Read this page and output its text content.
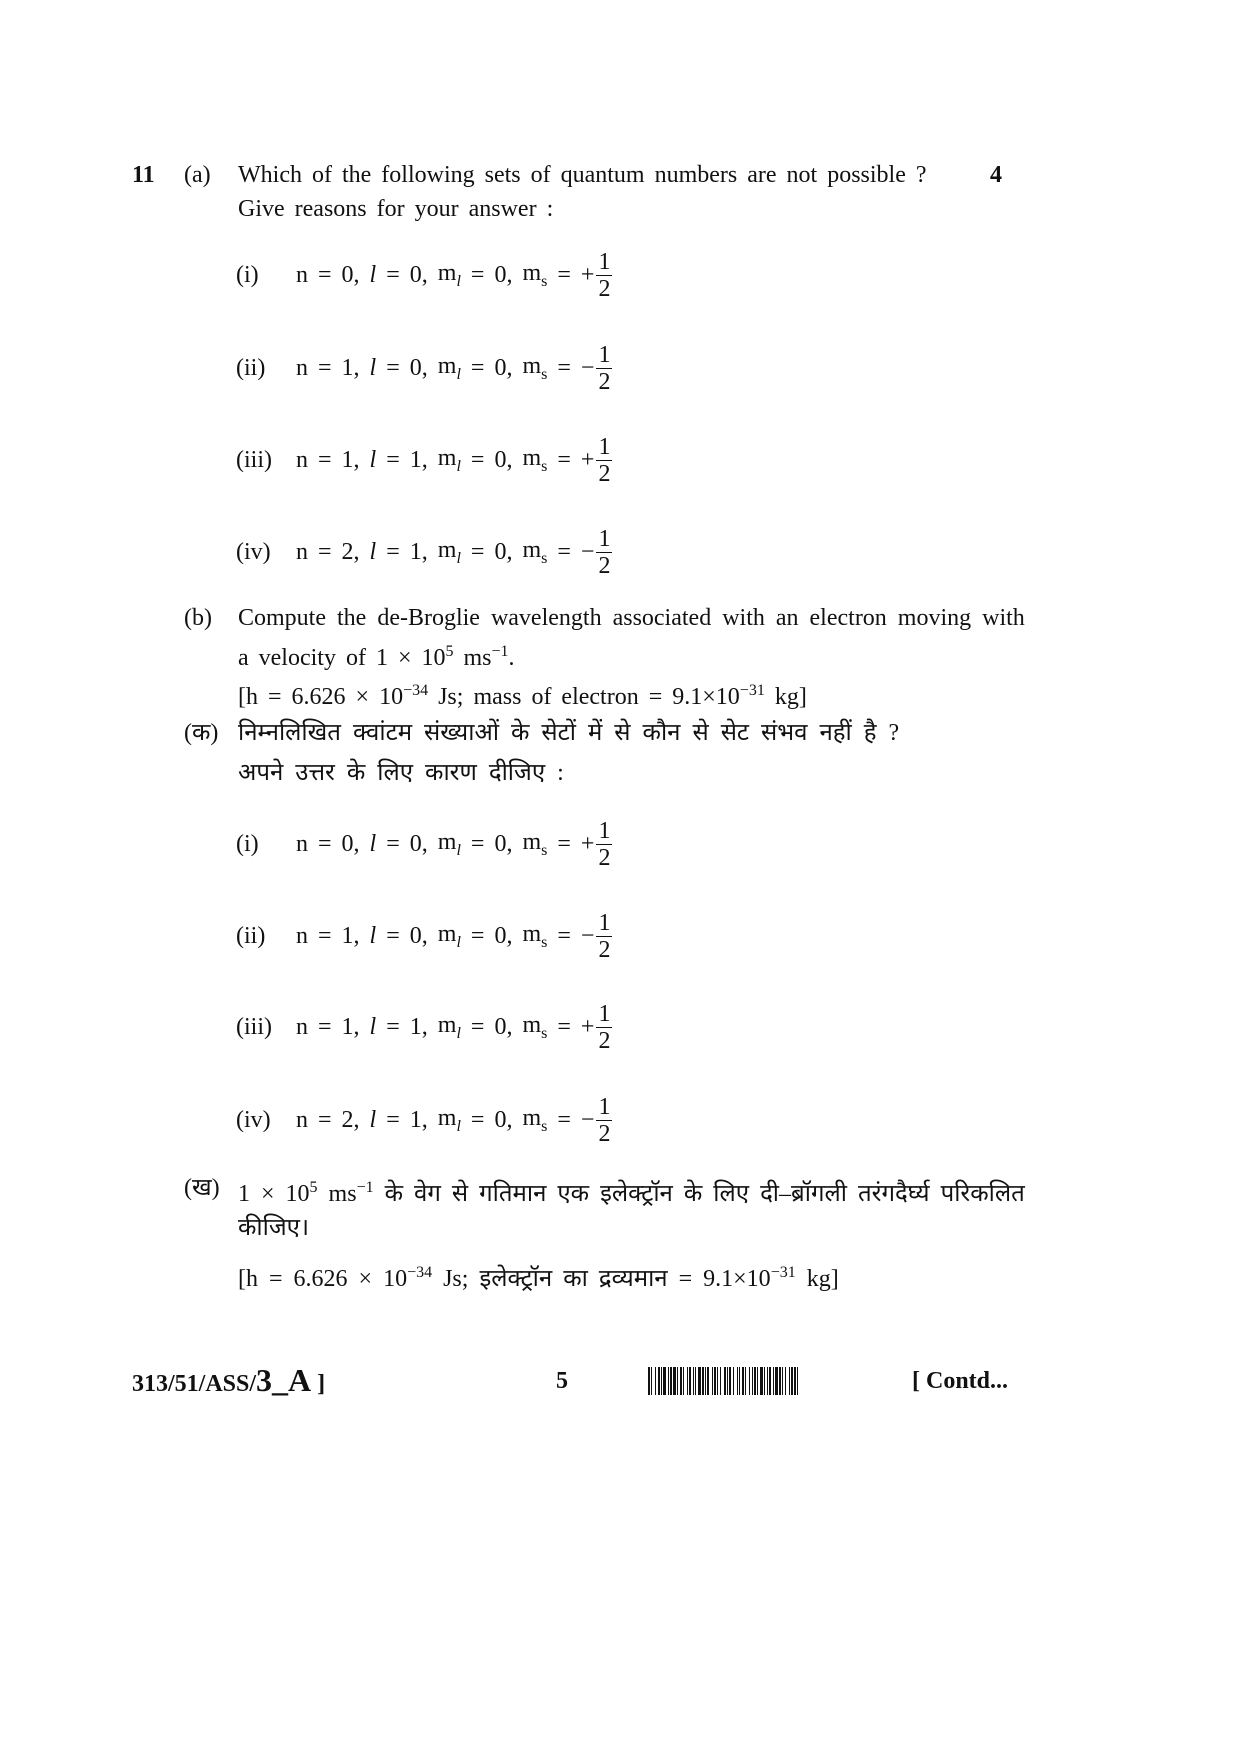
11	4
(a) Which of the following sets of quantum numbers are not possible ?
Give reasons for your answer :
(i)	n = 0 , l = 0 , $m_l = 0$ , $m_s$ = + $\frac{1}{2}$
(ii)	n = 1 , l = 0 , $m_l = 0$ , $m_s$ = − $\frac{1}{2}$
(iii)	n = 1 , l = 1 , $m_l = 0$ , $m_s$ = + $\frac{1}{2}$
(iv)	n = 2 , l = 1 , $m_l = 0$ , $m_s$ = − $\frac{1}{2}$
(b) Compute the de-Broglie wavelength associated with an electron moving with
a velocity of $1 \times 10^5$ $ms^{-1}$.
[$h = 6.626 \times 10^{-34}$ Js; mass of electron = $9.1\times 10^{-31}$ kg]
(क) निम्नलिखित क्वांटम संख्याओं के सेटों में से कौन से सेट संभव नहीं है ?
अपने उत्तर के लिए कारण दीजिए :
(i)	n = 0 , l = 0 , $m_l = 0$ , $m_s$ = + $\frac{1}{2}$
(ii)	n = 1 , l = 0 , $m_l = 0$ , $m_s$ = − $\frac{1}{2}$
(iii)	n = 1 , l = 1 , $m_l = 0$ , $m_s$ = + $\frac{1}{2}$
(iv)	n = 2 , l = 1 , $m_l = 0$ , $m_s$ = − $\frac{1}{2}$
(ख) $1 \times 10^5$ $ms^{-1}$ के वेग से गतिमान एक इलेक्ट्रॉन के लिए दी–ब्रॉगली तरंगदैर्घ्य परिकलित
कीजिए।
[$h = 6.626 \times 10^{-34}$ Js; इलेक्ट्रॉन का द्रव्यमान = $9.1\times 10^{-31}$ kg]
313/51/ASS/3_A ]	5	[ Contd...
